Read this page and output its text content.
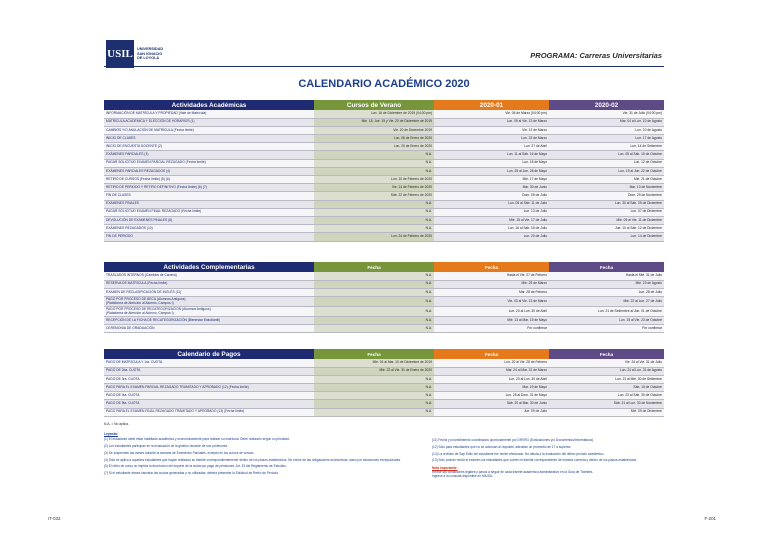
USIL	UNIVERSIDAD
SAN IGNACIO
DE LOYOLA	PROGRAMA: Carreras Universitarias
CALENDARIO ACADÉMICO 2020
Actividades Académicas	Cursos de Verano	2020-01	2020-02
INFORMACIÓN DE MATRÍCULA Y PROPIEDAD (Vale de Matrícula)	Lun. 16 de Diciembre de 2019 (04:00 pm)	Vie. 06 de Marzo (04:00 pm)	Vie. 31 de Julio (04:00 pm)
MATRÍCULA ACADÉMICA Y ELECCIÓN DE HORARIOS (1)	Mié. 18, Jue. 19 y Vie. 20 de Diciembre de 2019	Lun. 09 al Vie. 13 de Marzo	Mar. 04 al Lun. 10 de Agosto
CAMBIOS Y/O ANULACIÓN DE MATRÍCULA (Fecha límite)	Vie. 20 de Diciembre 2019	Vie. 13 de Marzo	Lun. 10 de Agosto
INICIO DE CLASES	Lun. 06 de Enero de 2020	Lun. 23 de Marzo	Lun. 17 de Agosto
INICIO DE ENCUESTA DOCENTE (2)	Lun. 20 de Enero de 2020	Lun. 27 de Abril	Lun. 14 de Setiembre
EXÁMENES PARCIALES (3)	N.A.	Lun. 11 al Sáb. 16 de Mayo	Lun. 05 al Sáb. 10 de Octubre
PAGAR SOLICITUD EXAMEN PARCIAL REZAGADO (Fecha límite)	N.A.	Lun. 18 de Mayo	Lun. 12 de Octubre
EXÁMENES PARCIALES REZAGADOS (4)	N.A.	Lun. 25 al Jue. 28 de Mayo	Lun. 19 al Jue. 22 de Octubre
RETIRO DE CURSOS (Fecha límite) (5) (6)	Lun. 10 de Febrero de 2020	Mié. 17 de Mayo	Mié. 21 de Octubre
RETIRO DE PERIODO Y RETIRO DEFINITIVO (Fecha límite) (6) (7)	Vie. 14 de Febrero de 2020	Mar. 30 de Junio	Mar. 10 de Noviembre
FIN DE CLASES	Sáb. 22 de Febrero de 2020	Dom. 05 de Julio	Dom. 29 de Noviembre
EXÁMENES FINALES	N.A.	Lun. 06 al Sáb. 11 de Julio	Lun. 30 al Sáb. 05 de Diciembre
PAGAR SOLICITUD EXAMEN FINAL REZAGADO (Fecha límite)	N.A.	Lun. 13 de Julio	Lun. 07 de Diciembre
DEVOLUCIÓN DE EXÁMENES FINALES (8)	N.A.	Mié. 15 al Vie. 17 de Julio	Mié. 09 al Vie. 11 de Diciembre
EXÁMENES REZAGADOS (10)	N.A.	Lun. 16 al Sáb. 18 de Julio	Jue. 10 al Sáb. 12 de Diciembre
FIN DE PERIODO	Lun. 24 de Febrero de 2020	Lun. 20 de Julio	Lun. 14 de Diciembre
Actividades Complementarias	Fecha	Fecha	Fecha
TRASLADOS INTERNOS (Cambios de Carrera)	N.A.	Hasta el Vie. 07 de Febrero	Hasta el Mié. 31 de Julio
RESERVA DE MATRÍCULA (Fecha límite)	N.A.	Mié. 25 de Marzo	Mié. 19 de Agosto
EXAMEN DE RECLASIFICACIÓN DE INGLÉS (11)	N.A.	Mar. 28 de Febrero	Lun. 28 de Julio
PAGO POR PROCESO DE BECA (Alumnos Antiguos)
(Plataforma de Atención al Alumno, Campus I)	N.A.	Vie. 03 al Vie. 13 de Marzo	Mié. 22 al Lun. 27 de Julio
PAGO POR PROCESO DE RECATEGORIZACIÓN (Alumnos Antiguos)
(Plataforma de Atención al Alumno, Campus I)	N.A.	Lun. 20 al Lun. 30 de Abril	Lun. 21 de Setiembre al Jue. 01 de Octubre
RECEPCIÓN DE LA FICHA DE RECATEGORIZACIÓN (Bienestar Estudiantil)	N.A.	Mié. 13 al Mar. 19 de Mayo	Lun. 19 al Vie. 23 de Octubre
CEREMONIA DE GRADUACIÓN	N.A.	Por confirmar	Por confirmar
Calendario de Pagos	Fecha	Fecha	Fecha
PAGO DE MATRÍCULA Y 1ra. CUOTA	Mié. 04 al Mar. 10 de Diciembre de 2019	Lun. 20 al Vie. 28 de Febrero	Vie. 24 al Vie. 31 de Julio
PAGO DE 2da. CUOTA	Mié. 22 al Vie. 31 de Enero de 2020	Mar. 24 al Mar. 31 de Marzo	Lun. 24 al Lun. 31 de Agosto
PAGO DE 3ra. CUOTA	N.A.	Lun. 20 al Lun. 30 de Abril	Lun. 21 al Mié. 30 de Setiembre
PAGO PARA EL EXAMEN PARCIAL REZAGADO TRAMITADO Y APROBADO (12) (Fecha límite)	N.A.	Mar. 19 de Mayo	Sáb. 10 de Octubre
PAGO DE 4ta. CUOTA	N.A.	Lun. 25 al Dom. 31 de Mayo	Lun. 23 al Sáb. 30 de Octubre
PAGO DE 5ta. CUOTA	N.A.	Sáb. 20 al Mar. 30 de Junio	Sáb. 21 al Lun. 30 de Noviembre
PAGO PARA EL EXAMEN FINAL REZAGADO TRAMITADO Y APROBADO (13) (Fecha límite)	N.A.	Jue. 09 de Julio	Mié. 09 de Diciembre
N.A. = No aplica.
Leyenda:

(1) El estudiante debe estar habilitado académica y económicamente para realizar su matrícula. Debe realizarlo según su prioridad.

(2) Los estudiantes participan en la evaluación de la gestión docente de sus profesores.

(3) Se suspenden las clases durante la semana de Exámenes Parciales, excepto en los cursos de verano.

(4) Sólo se aplica a aquellos estudiantes que hayan realizado su trámite correspondientemente dentro de los plazos establecidos. No exime de las obligaciones económicas, salvo por situaciones excepcionales.

(5) El retiro de curso no implica la devolución del importe de la cuota por pago de pensiones. Art. 33 del Reglamento de Estudios.

(7) Si el estudiante desea cancelar las cuotas generadas y no utilizadas, deberá presentar la Solicitud de Retiro de Período.

(11) Fecha y procedimiento coordinados oportunamente por DRVRG (Evaluaciones y/o Documentos/Informáticos).

(12) Sólo para estudiantes que no se adecúan al requisito, adeudan un promedio de 17 a superior.

(13) La revisión de Sap Ediic del estudiante fue recién efectuado. No afecta a la evaluación del último período académico.

(13) Sólo podrán rendir el examen los estudiantes que cubren el trámite correspondiente de manera correcta y dentro de los plazos establecidos.

Nota importante:
Revise las condiciones legales y pasos a seguir de cada trámite académico administrativo en la Guía de Trámites.
Ingrese a la consulta disponible en MIUSIL.
IT-033	F-201
